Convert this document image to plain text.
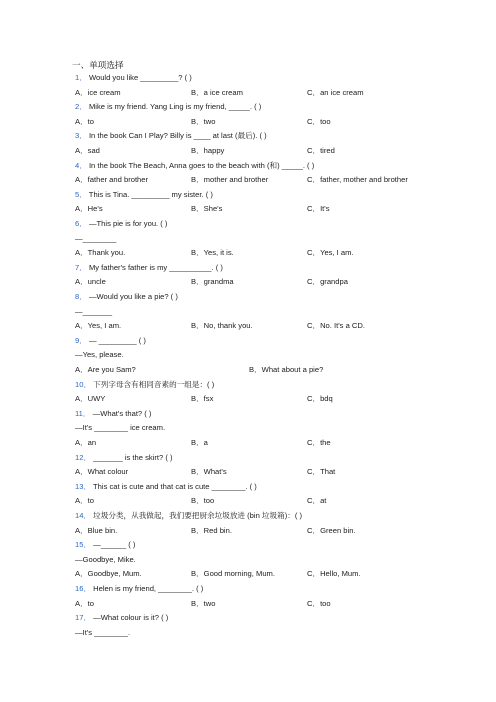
一、单项选择
1． Would you like _________? ( )
A．ice cream	B．a ice cream	C．an ice cream
2． Mike is my friend. Yang Ling is my friend, _____. ( )
A．to	B．two	C．too
3． In the book Can I Play? Billy is ____ at last (最后). ( )
A．sad	B．happy	C．tired
4． In the book The Beach, Anna goes to the beach with (和) _____. ( )
A．father and brother	B．mother and brother	C．father, mother and brother
5． This is Tina. _________ my sister. ( )
A．He's	B．She's	C．It's
6． —This pie is for you. ( )
—________
A．Thank you.	B．Yes, it is.	C．Yes, I am.
7． My father's father is my __________. ( )
A．uncle	B．grandma	C．grandpa
8． —Would you like a pie? ( )
—_______
A．Yes, I am.	B．No, thank you.	C．No. It's a CD.
9． — _________ ( )
—Yes, please.
A．Are you Sam?	B．What about a pie?
10． 下列字母含有相同音素的一组是：( )
A．UWY	B．fsx	C．bdq
11． —What's that? ( )
—It's ________ ice cream.
A．an	B．a	C．the
12． _______ is the skirt? ( )
A．What colour	B．What's	C．That
13． This cat is cute and that cat is cute ________. ( )
A．to	B．too	C．at
14． 垃圾分类，从我做起，我们要把厨余垃圾放进 (bin 垃圾箱)：( )
A．Blue bin.	B．Red bin.	C．Green bin.
15． —______ ( )
—Goodbye, Mike.
A．Goodbye, Mum.	B．Good morning, Mum.	C．Hello, Mum.
16． Helen is my friend, ________. ( )
A．to	B．two	C．too
17． —What colour is it? ( )
—It's ________.
